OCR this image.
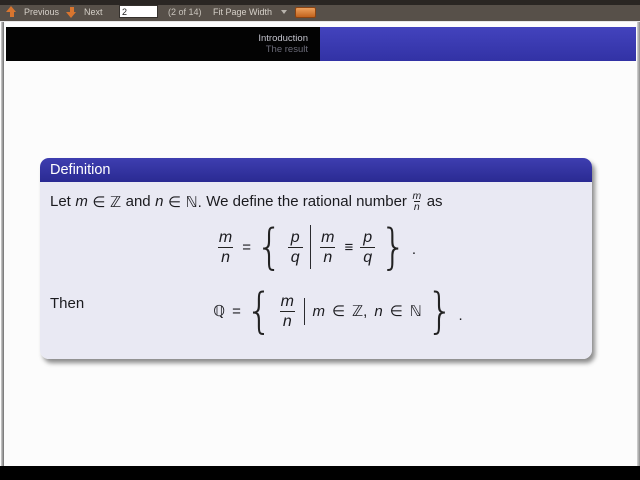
Previous	Next
2	(2 of 14) Fit Page Width
Introduction
The result
Definition
Let m ∈ ℤ and n ∈ ℕ. We define the rational number $\frac{m}{n}$ as
$\frac{m}{n}$ = { $\frac{p}{q} \frac{m}{n} \equiv \frac{p}{q}$ } .
Then	ℚ = { $\frac{m}{n}$ m ∈ ℤ, n ∈ ℕ } .
